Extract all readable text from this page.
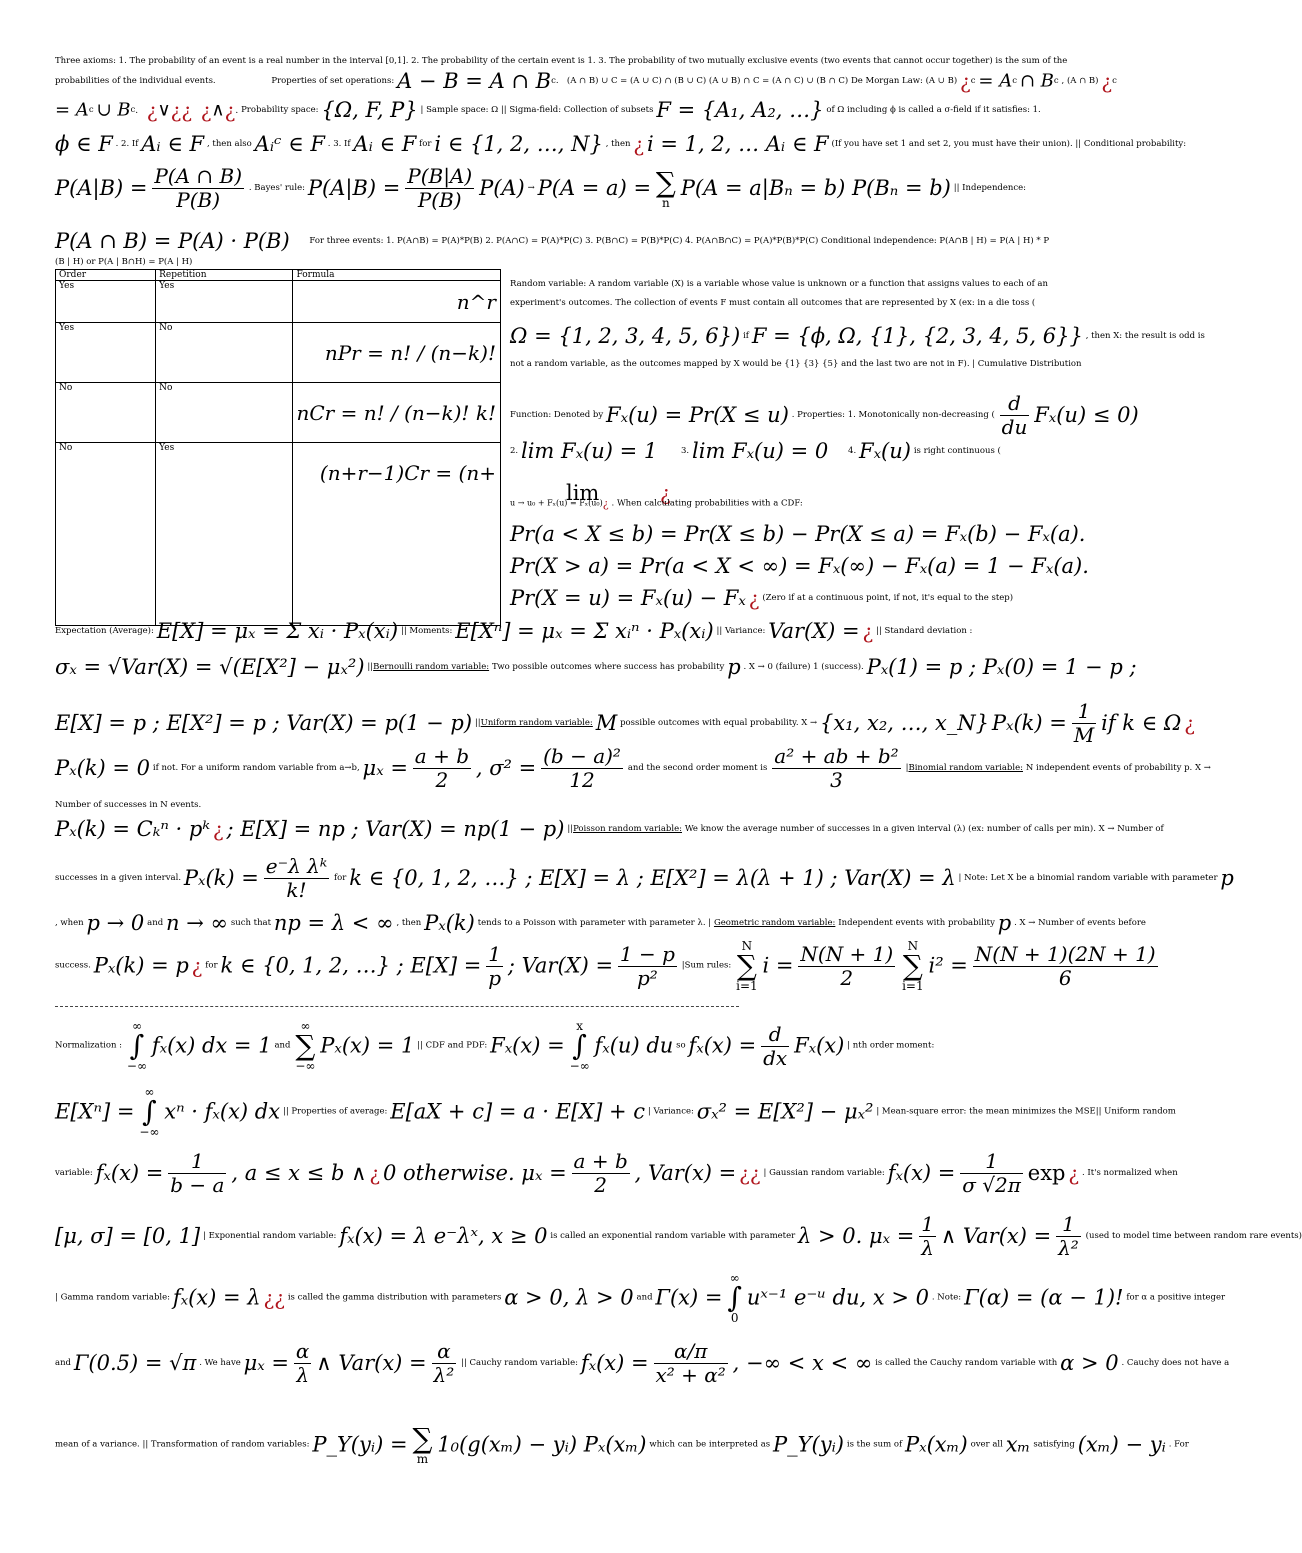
Three axioms: 1. The probability of an event is a real number in the interval [0,1]. 2. The probability of the certain event is 1. 3. The probability of two mutually exclusive events (two events that cannot occur together) is the sum of the
probabilities of the individual events.	Properties of set operations: A − B = A ∩ Bc.   (A ∩ B) ∪ C = (A ∪ C) ∩ (B ∪ C) (A ∪ B) ∩ C = (A ∩ C) ∪ (B ∩ C) De Morgan Law: (A ∪ B) ¿c = Ac ∩ Bc , (A ∩ B) ¿c
= Ac ∪ Bc.   ¿∨¿¿ ¿∧¿. Probability space: {Ω, F, P} | Sample space: Ω || Sigma-field: Collection of subsets F = {A₁, A₂, …} of Ω including ϕ is called a σ-field if it satisfies: 1.
ϕ ∈ F . 2. If Aᵢ ∈ F , then also Aᵢᶜ ∈ F . 3. If Aᵢ ∈ F for i ∈ {1, 2, …, N} , then ¿ i = 1, 2, … Aᵢ ∈ F (If you have set 1 and set 2, you must have their union). || Conditional probability:
$P(A|B) = \frac{P(A \cap B)}{P(B)}$ . Bayes' rule: $P(A|B) = \frac{P(B|A)}{P(B)} P(A) \to P(A = a)$ = ∑
n
P(A = a|Bₙ = b) P(Bₙ = b) || Independence:
P(A ∩ B) = P(A) · P(B) For three events: 1. P(A∩B) = P(A)*P(B) 2. P(A∩C) = P(A)*P(C) 3. P(B∩C) = P(B)*P(C) 4. P(A∩B∩C) = P(A)*P(B)*P(C) Conditional independence: P(A∩B | H) = P(A | H) * P
(B | H) or P(A | B∩H) = P(A | H)
Order	Repetition	Formula
Yes	Yes	n^r
Yes	No	nPr = n! / (n−k)!
No	No	nCr = n! / (n−k)! k!
No	Yes	(n+r−1)Cr = (n+
Random variable: A random variable (X) is a variable whose value is unknown or a function that assigns values to each of an
experiment's outcomes. The collection of events F must contain all outcomes that are represented by X (ex: in a die toss (
Ω = {1, 2, 3, 4, 5, 6}) if F = {ϕ, Ω, {1}, {2, 3, 4, 5, 6}} , then X: the result is odd is
not a random variable, as the outcomes mapped by X would be {1} {3} {5} and the last two are not in F). | Cumulative Distribution
Function: Denoted by Fₓ(u) = Pr(X ≤ u) . Properties: 1. Monotonically non-decreasing ( $\frac{d}{du} F_x(u) \le 0$)
2. lim Fₓ(u) = 1	3. lim Fₓ(u) = 0 4. Fₓ(u) is right continuous (
lim	¿
u → u₀ + Fₓ(u) = Fₓ(u₀)¿ . When calculating probabilities with a CDF:
Pr(a < X ≤ b) = Pr(X ≤ b) − Pr(X ≤ a) = Fₓ(b) − Fₓ(a).
Pr(X > a) = Pr(a < X < ∞) = Fₓ(∞) − Fₓ(a) = 1 − Fₓ(a).
Pr(X = u) = Fₓ(u) − Fₓ ¿ (Zero if at a continuous point, if not, it's equal to the step)
Expectation (Average): E[X] = μₓ = Σ xᵢ · Pₓ(xᵢ) || Moments: E[Xⁿ] = μₓ = Σ xᵢⁿ · Pₓ(xᵢ) || Variance: Var(X) = ¿ || Standard deviation :
σₓ = √Var(X) = √(E[X²] − μₓ²) ||Bernoulli random variable: Two possible outcomes where success has probability p . X → 0 (failure) 1 (success). Pₓ(1) = p ; Pₓ(0) = 1 − p ;
E[X] = p ; E[X²] = p ; Var(X) = p(1 − p) ||Uniform random variable: M possible outcomes with equal probability. X → {x₁, x₂, …, x_N} $P_x(k) = \frac{1}{M}$ if k ∈ Ω ¿
Pₓ(k) = 0 if not. For a uniform random variable from a→b, $\mu_x = \frac{a + b}{2}$ , $\sigma^2 = \frac{\text{(b − a)²}}{12}$ and the second order moment is $\frac{\text{a² + ab + b²}}{3}$ |Binomial random variable: N independent events of probability p. X →
Number of successes in N events.
Pₓ(k) = Cₖⁿ · pᵏ ¿ ; E[X] = np ; Var(X) = np(1 − p) ||Poisson random variable: We know the average number of successes in a given interval (λ) (ex: number of calls per min). X → Number of
successes in a given interval. $P_x(k) = \frac{\text{e⁻λ λᵏ}}{k!}$ for k ∈ {0, 1, 2, …} ; E[X] = λ ; E[X²] = λ(λ + 1) ; Var(X) = λ | Note: Let X be a binomial random variable with parameter p
, when p → 0 and n → ∞ such that np = λ < ∞ , then Pₓ(k) tends to a Poisson with parameter with parameter λ. | Geometric random variable: Independent events with probability p . X → Number of events before
success. Pₓ(k) = p ¿ for k ∈ {0, 1, 2, …} ; $E[X] = \frac{1}{p}$ ; $Var(X) = \frac{1 - p}{\text{p²}} |Sum$ rules:
N
∑
i=1
$i = \frac{N(N + 1)}{2}$
	N
∑
i=1
$i^2 = \frac{N(N + 1)(2N + 1)}{6}$
Normalization :
∞
∫
−∞
fₓ(x) dx = 1 and
∞
∑
−∞
Pₓ(x) = 1 || CDF and PDF: Fₓ(x) =
x
∫
−∞
fₓ(u) du so $f_x(x) = \frac{d}{dx} F_x(x)$ | nth order moment:
E[Xⁿ] =
∞
∫
−∞
xⁿ · fₓ(x) dx || Properties of average: E[aX + c] = a · E[X] + c | Variance: σₓ² = E[X²] − μₓ² | Mean-square error: the mean minimizes the MSE|| Uniform random
variable: $f_x(x) = \frac{1}{b - a}$ , a ≤ x ≤ b ∧ ¿ 0 otherwise. $\mu_x = \frac{a + b}{2}$ , Var(x) = ¿¿ | Gaussian random variable: $f_x(x) = \frac{1}{\sigma √2\pi}$ exp ¿ . It's normalized when
[μ, σ] = [0, 1] | Exponential random variable: fₓ(x) = λ e⁻λˣ, x ≥ 0 is called an exponential random variable with parameter λ > 0. $\mu_x = \frac{1}{\lambda}$ ∧ $Var(x) = \frac{1}{\text{λ²}}$ (used to model time between random rare events)
| Gamma random variable: fₓ(x) = λ ¿¿ is called the gamma distribution with parameters α > 0, λ > 0 and Γ(x) =
∞
∫
0
uˣ⁻¹ e⁻ᵘ du, x > 0 . Note: Γ(α) = (α − 1)! for α a positive integer
and Γ(0.5) = √π . We have $\mu_x = \frac{\alpha}{\lambda}$ ∧ $Var(x) = \frac{\alpha}{\text{λ²}}$ || Cauchy random variable: $f_x(x) = \frac{\alpha/\pi}{\text{x² + α²}}$ , −∞ < x < ∞ is called the Cauchy random variable with α > 0 . Cauchy does not have a
mean of a variance. || Transformation of random variables: P_Y(yᵢ) = ∑
m
1₀(g(xₘ) − yᵢ) Pₓ(xₘ) which can be interpreted as P_Y(yᵢ) is the sum of Pₓ(xₘ) over all xₘ satisfying (xₘ) − yᵢ . For
